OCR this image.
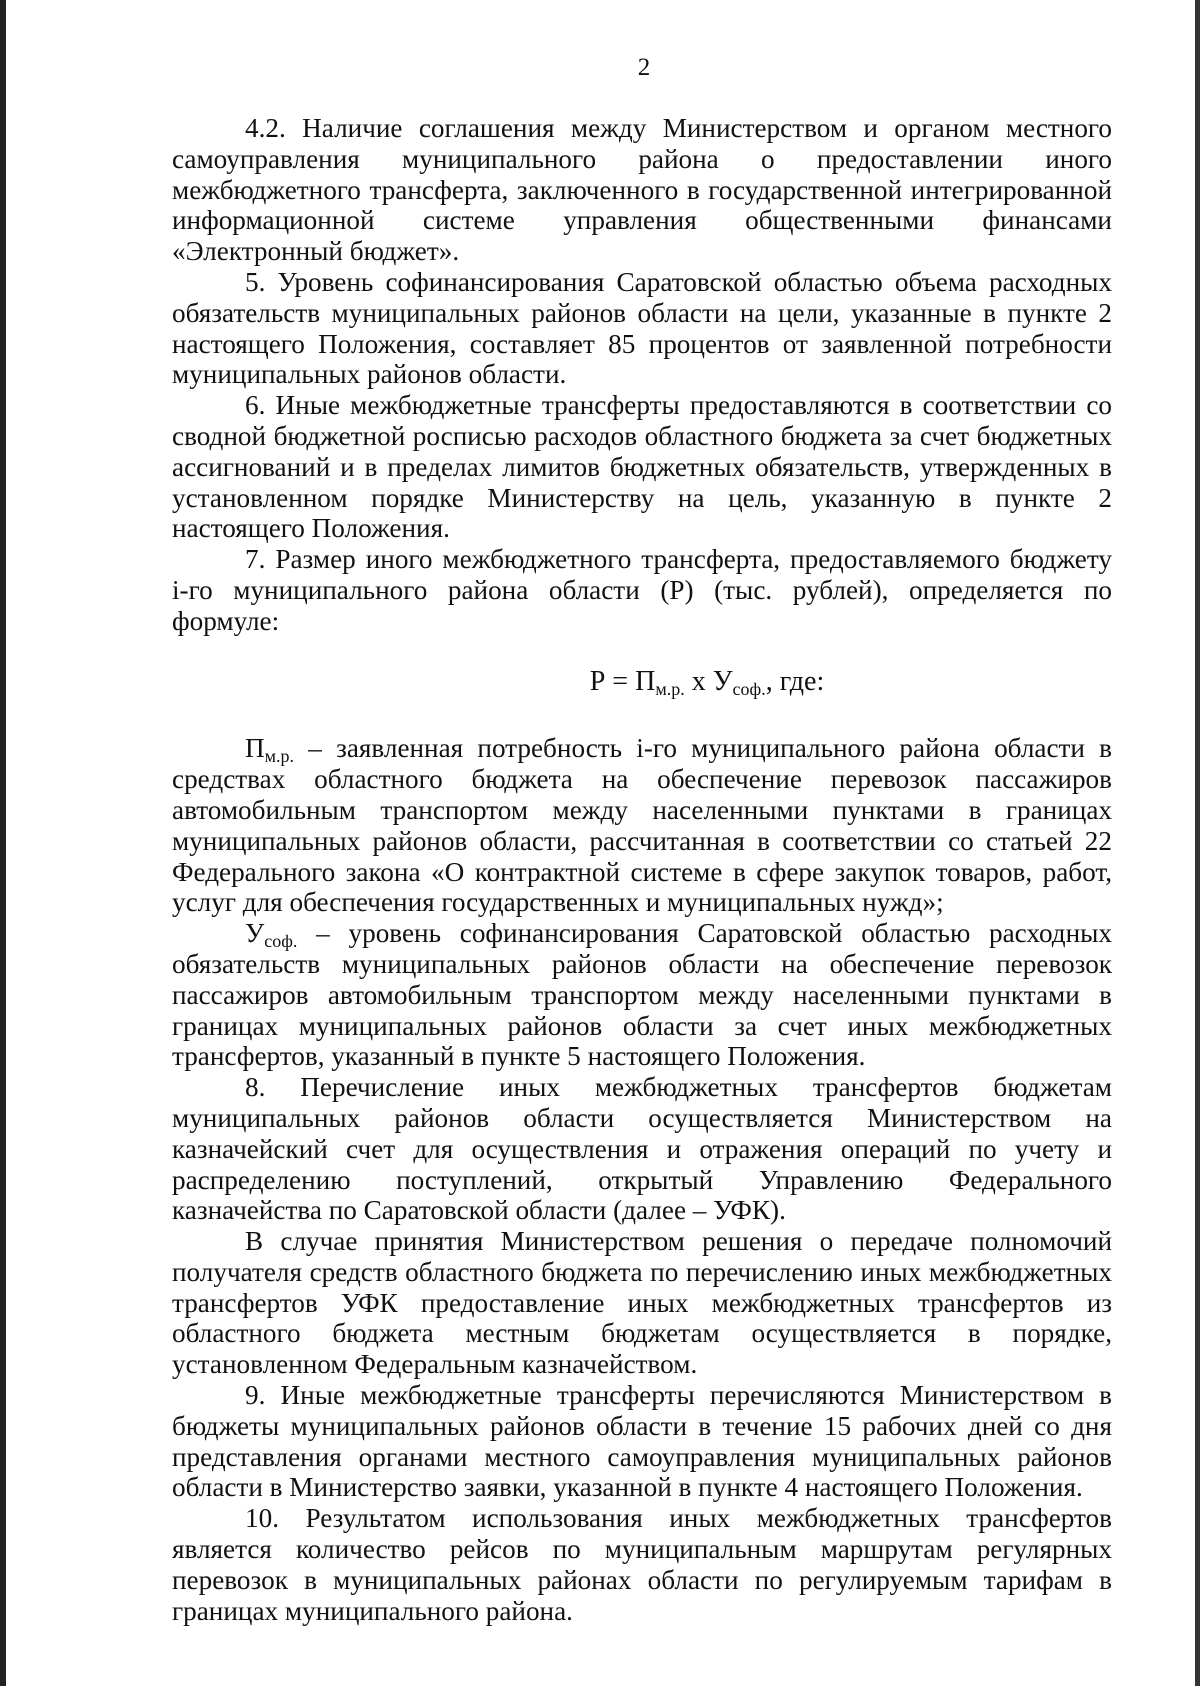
2

4.2. Наличие соглашения между Министерством и органом местного самоуправления муниципального района о предоставлении иного межбюджетного трансферта, заключенного в государственной интегрированной информационной системе управления общественными финансами «Электронный бюджет».

5. Уровень софинансирования Саратовской областью объема расходных обязательств муниципальных районов области на цели, указанные в пункте 2 настоящего Положения, составляет 85 процентов от заявленной потребности муниципальных районов области.

6. Иные межбюджетные трансферты предоставляются в соответствии со сводной бюджетной росписью расходов областного бюджета за счет бюджетных ассигнований и в пределах лимитов бюджетных обязательств, утвержденных в установленном порядке Министерству на цель, указанную в пункте 2 настоящего Положения.

7. Размер иного межбюджетного трансферта, предоставляемого бюджету i-го муниципального района области (Р) (тыс. рублей), определяется по формуле:

$Р = П_{м.р.}$ х $У_{соф.}$, где:

$П_{м.р.}$ – заявленная потребность i-го муниципального района области в средствах областного бюджета на обеспечение перевозок пассажиров автомобильным транспортом между населенными пунктами в границах муниципальных районов области, рассчитанная в соответствии со статьей 22 Федерального закона «О контрактной системе в сфере закупок товаров, работ, услуг для обеспечения государственных и муниципальных нужд»;

$У_{соф.}$ – уровень софинансирования Саратовской областью расходных обязательств муниципальных районов области на обеспечение перевозок пассажиров автомобильным транспортом между населенными пунктами в границах муниципальных районов области за счет иных межбюджетных трансфертов, указанный в пункте 5 настоящего Положения.

8. Перечисление иных межбюджетных трансфертов бюджетам муниципальных районов области осуществляется Министерством на казначейский счет для осуществления и отражения операций по учету и распределению поступлений, открытый Управлению Федерального казначейства по Саратовской области (далее – УФК).

В случае принятия Министерством решения о передаче полномочий получателя средств областного бюджета по перечислению иных межбюджетных трансфертов УФК предоставление иных межбюджетных трансфертов из областного бюджета местным бюджетам осуществляется в порядке, установленном Федеральным казначейством.

9. Иные межбюджетные трансферты перечисляются Министерством в бюджеты муниципальных районов области в течение 15 рабочих дней со дня представления органами местного самоуправления муниципальных районов области в Министерство заявки, указанной в пункте 4 настоящего Положения.

10. Результатом использования иных межбюджетных трансфертов является количество рейсов по муниципальным маршрутам регулярных перевозок в муниципальных районах области по регулируемым тарифам в границах муниципального района.
